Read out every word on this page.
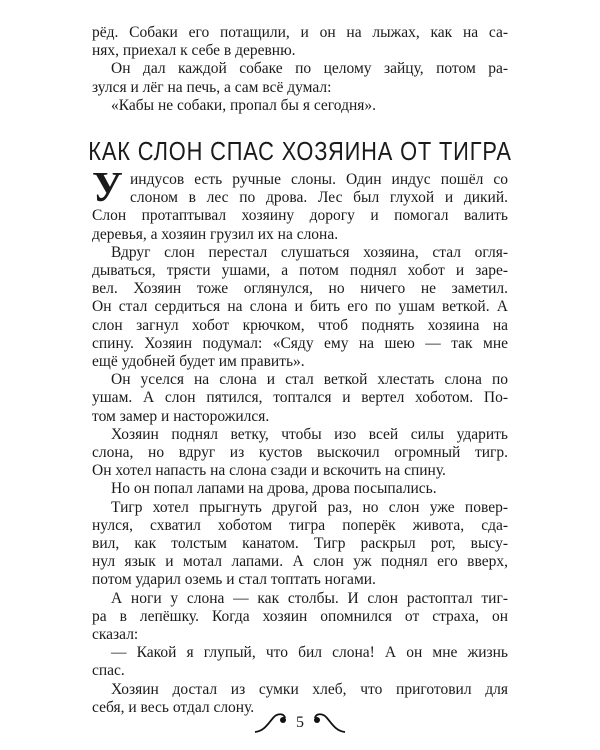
рёд. Собаки его потащили, и он на лыжах, как на са-
нях, приехал к себе в деревню.
Он дал каждой собаке по целому зайцу, потом ра-
зулся и лёг на печь, а сам всё думал:
«Кабы не собаки, пропал бы я сегодня».
КАК СЛОН СПАС ХОЗЯИНА ОТ ТИГРА
У индусов есть ручные слоны. Один индус пошёл со
слоном в лес по дрова. Лес был глухой и дикий.
Слон протаптывал хозяину дорогу и помогал валить
деревья, а хозяин грузил их на слона.
Вдруг слон перестал слушаться хозяина, стал огля-
дываться, трясти ушами, а потом поднял хобот и заре-
вел. Хозяин тоже оглянулся, но ничего не заметил.
Он стал сердиться на слона и бить его по ушам веткой. А
слон загнул хобот крючком, чтоб поднять хозяина на
спину. Хозяин подумал: «Сяду ему на шею — так мне
ещё удобней будет им править».
Он уселся на слона и стал веткой хлестать слона по
ушам. А слон пятился, топтался и вертел хоботом. По-
том замер и насторожился.
Хозяин поднял ветку, чтобы изо всей силы ударить
слона, но вдруг из кустов выскочил огромный тигр.
Он хотел напасть на слона сзади и вскочить на спину.
Но он попал лапами на дрова, дрова посыпались.
Тигр хотел прыгнуть другой раз, но слон уже повер-
нулся, схватил хоботом тигра поперёк живота, сда-
вил, как толстым канатом. Тигр раскрыл рот, высу-
нул язык и мотал лапами. А слон уж поднял его вверх,
потом ударил оземь и стал топтать ногами.
А ноги у слона — как столбы. И слон растоптал тиг-
ра в лепёшку. Когда хозяин опомнился от страха, он
сказал:
— Какой я глупый, что бил слона! А он мне жизнь
спас.
Хозяин достал из сумки хлеб, что приготовил для
себя, и весь отдал слону.
5
